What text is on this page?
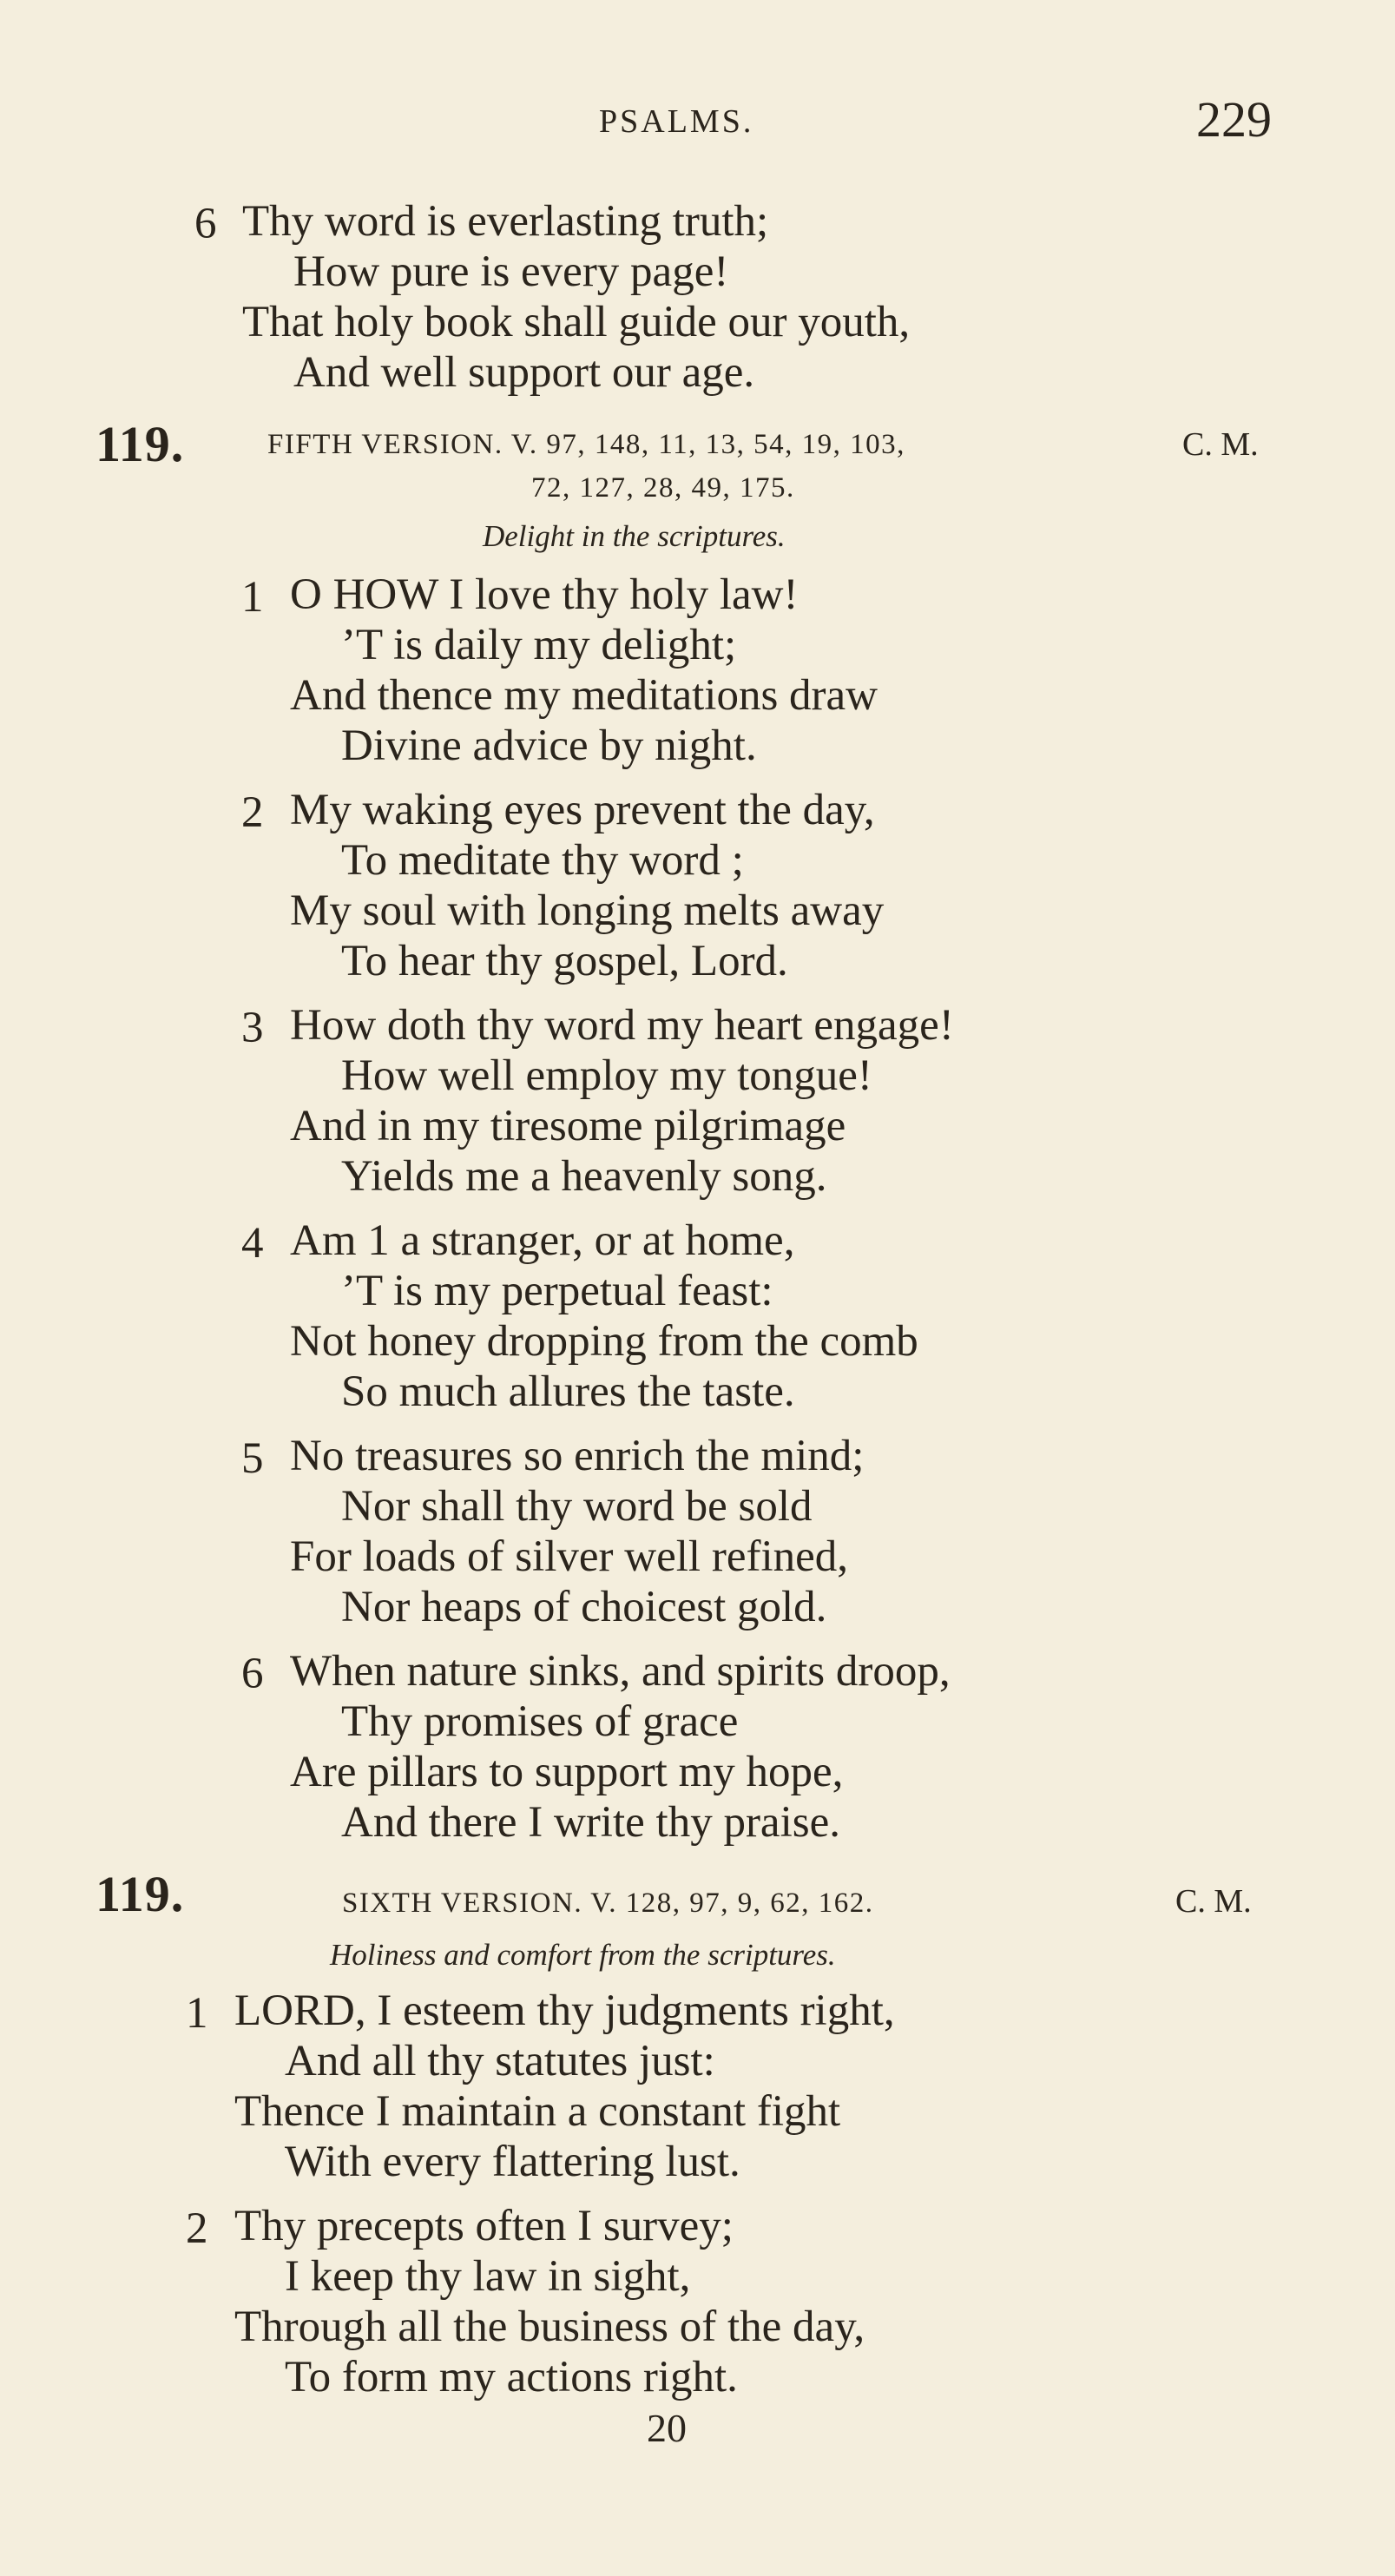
PSALMS.	229
6 Thy word is everlasting truth;
How pure is every page!
That holy book shall guide our youth,
And well support our age.
119.	FIFTH VERSION. V. 97, 148, 11, 13, 54, 19, 103,	C. M.
72, 127, 28, 49, 175.
Delight in the scriptures.
1 O HOW I love thy holy law!
’T is daily my delight;
And thence my meditations draw
Divine advice by night.
2 My waking eyes prevent the day,
To meditate thy word ;
My soul with longing melts away
To hear thy gospel, Lord.
3 How doth thy word my heart engage!
How well employ my tongue!
And in my tiresome pilgrimage
Yields me a heavenly song.
4 Am 1 a stranger, or at home,
’T is my perpetual feast:
Not honey dropping from the comb
So much allures the taste.
5 No treasures so enrich the mind;
Nor shall thy word be sold
For loads of silver well refined,
Nor heaps of choicest gold.
6 When nature sinks, and spirits droop,
Thy promises of grace
Are pillars to support my hope,
And there I write thy praise.
119.	SIXTH VERSION. V. 128, 97, 9, 62, 162.	C. M.
Holiness and comfort from the scriptures.
1 LORD, I esteem thy judgments right,
And all thy statutes just:
Thence I maintain a constant fight
With every flattering lust.
2 Thy precepts often I survey;
I keep thy law in sight,
Through all the business of the day,
To form my actions right.
20
